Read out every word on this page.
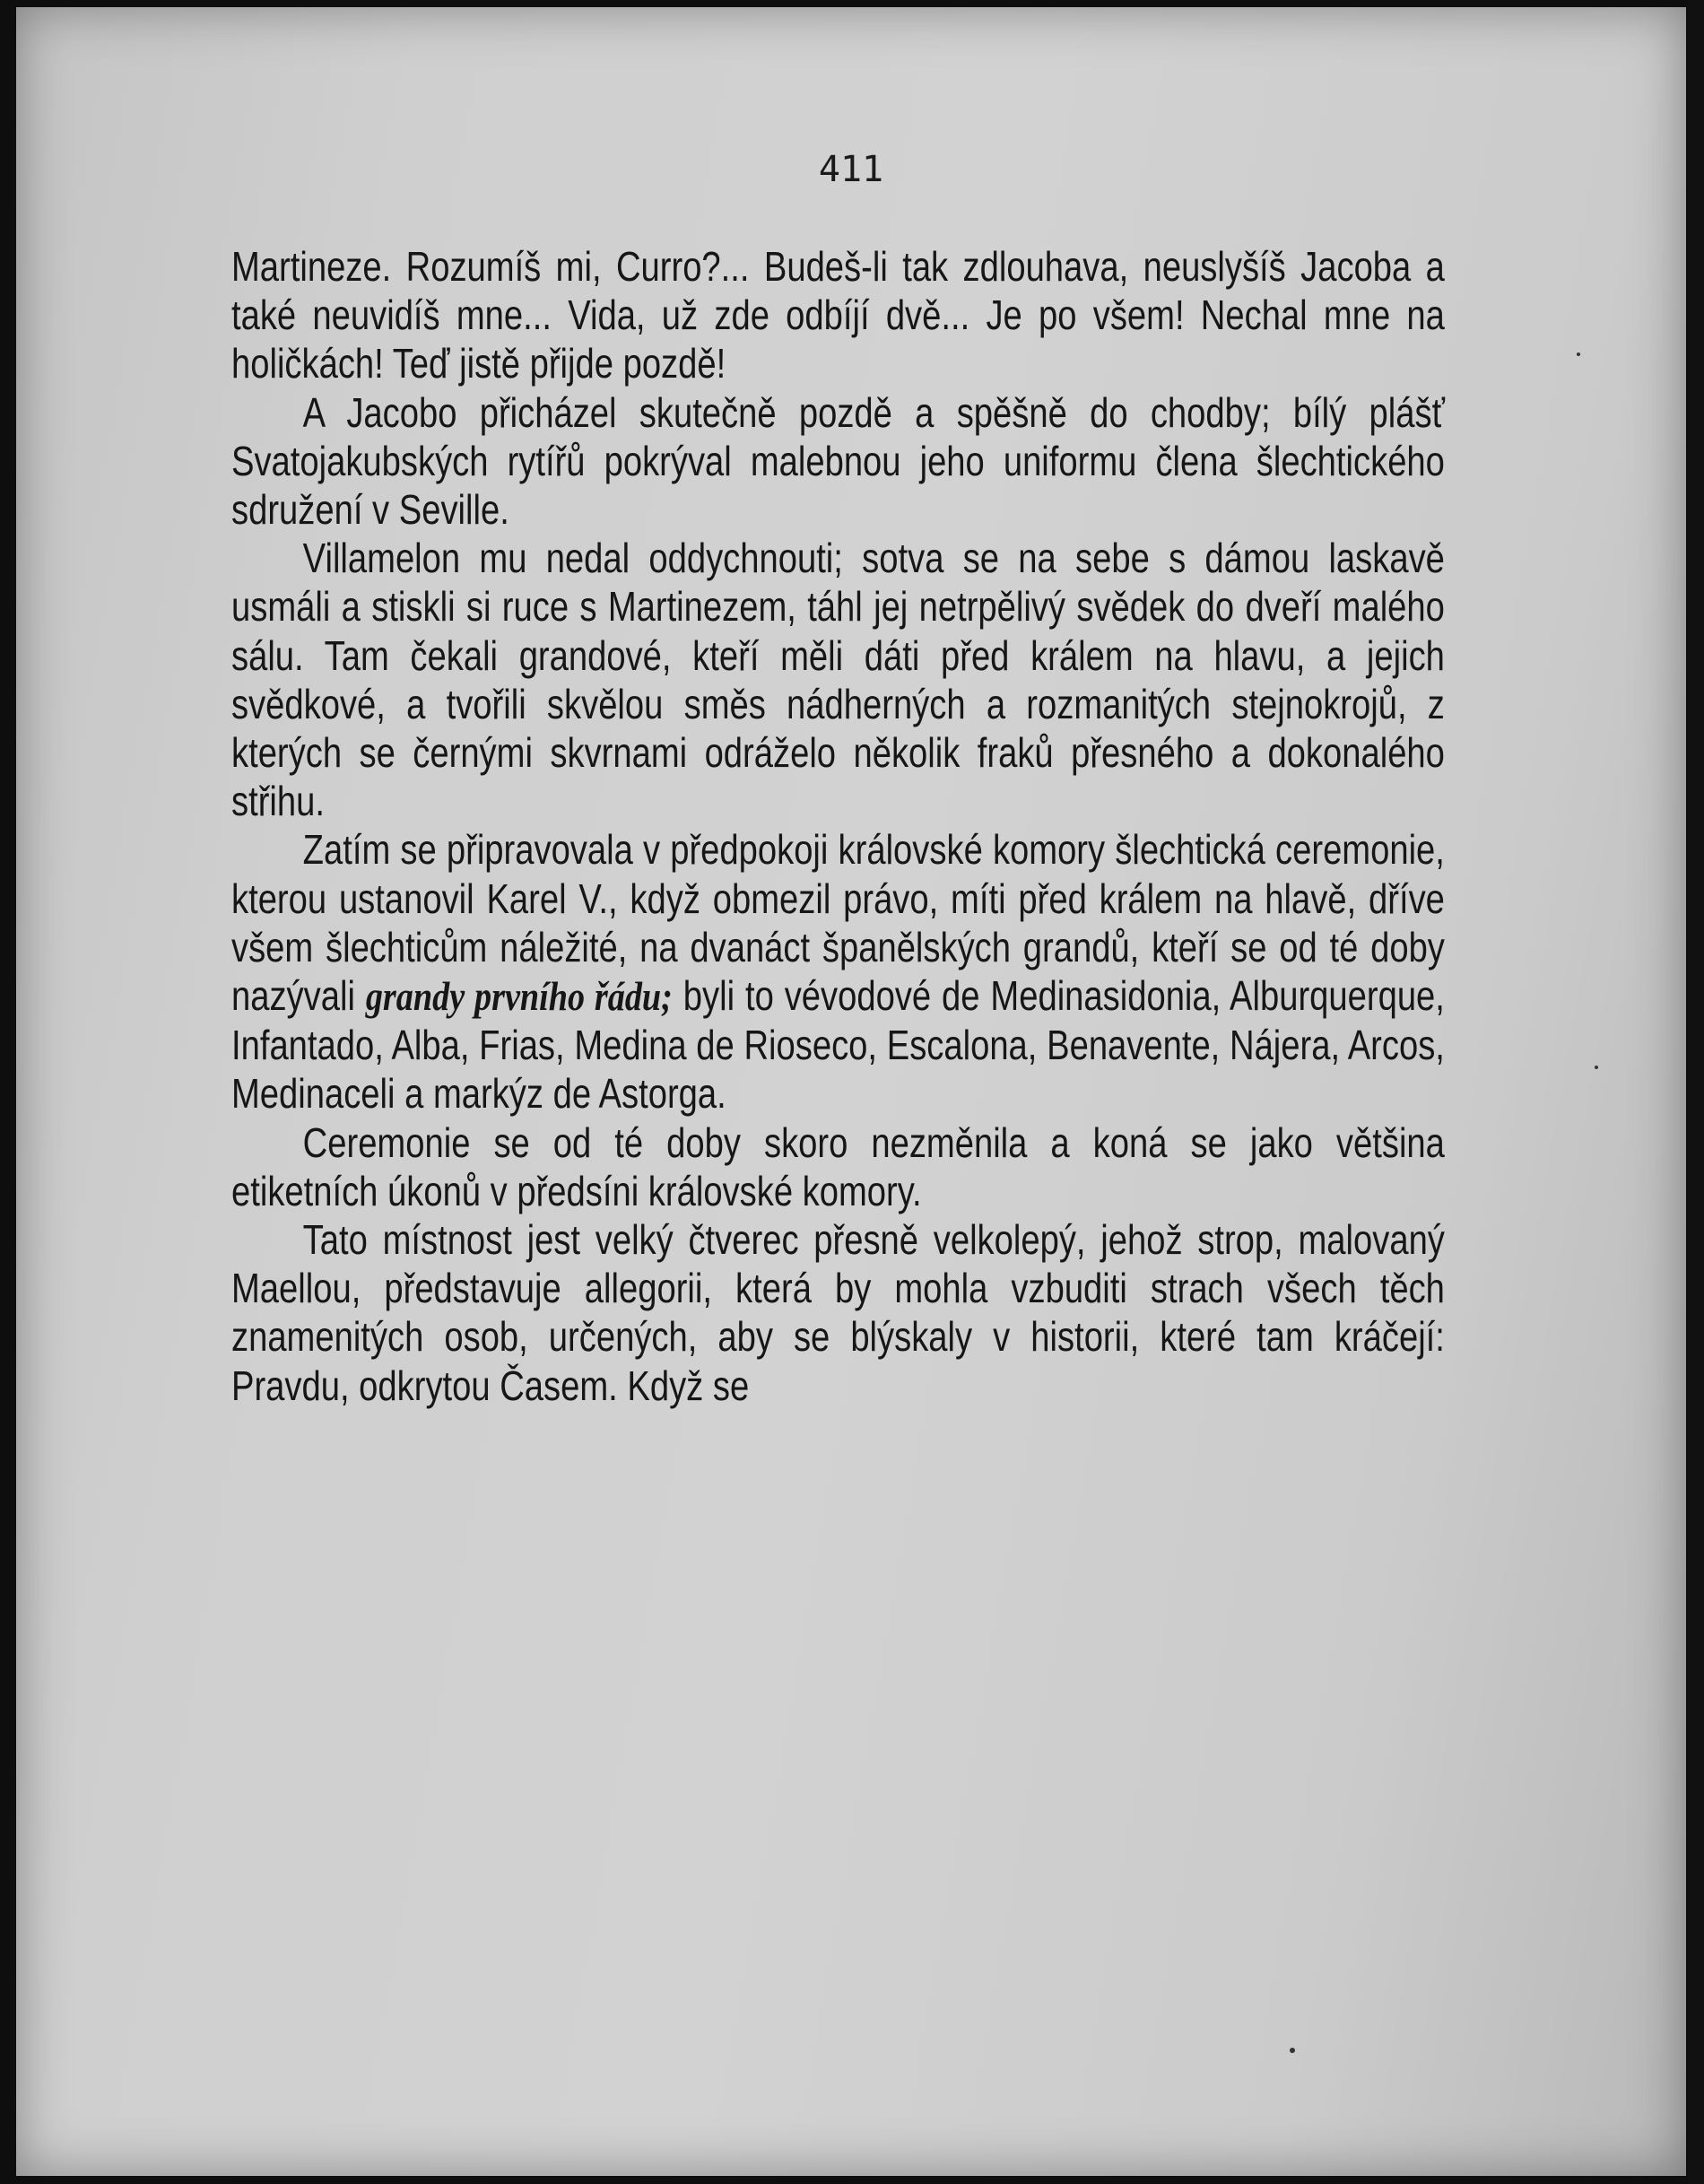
411

Martineze. Rozumíš mi, Curro?... Budeš-li tak zdlouhava, neuslyšíš Jacoba a také neuvidíš mne... Vida, už zde odbíjí dvě... Je po všem! Nechal mne na holičkách! Teď jistě přijde pozdě!

A Jacobo přicházel skutečně pozdě a spěšně do chodby; bílý plášť Svatojakubských rytířů pokrýval malebnou jeho uniformu člena šlechtického sdružení v Seville.

Villamelon mu nedal oddychnouti; sotva se na sebe s dámou laskavě usmáli a stiskli si ruce s Martinezem, táhl jej netrpělivý svědek do dveří malého sálu. Tam čekali grandové, kteří měli dáti před králem na hlavu, a jejich svědkové, a tvořili skvělou směs nádherných a rozmanitých stejnokrojů, z kterých se černými skvrnami odráželo několik fraků přesného a dokonalého střihu.

Zatím se připravovala v předpokoji královské komory šlechtická ceremonie, kterou ustanovil Karel V., když obmezil právo, míti před králem na hlavě, dříve všem šlechticům náležité, na dvanáct španělských grandů, kteří se od té doby nazývali grandy prvního řádu; byli to vévodové de Medinasidonia, Alburquerque, Infantado, Alba, Frias, Medina de Rioseco, Escalona, Benavente, Nájera, Arcos, Medinaceli a markýz de Astorga.

Ceremonie se od té doby skoro nezměnila a koná se jako většina etiketních úkonů v předsíni královské komory.

Tato místnost jest velký čtverec přesně velkolepý, jehož strop, malovaný Maellou, představuje allegorii, která by mohla vzbuditi strach všech těch znamenitých osob, určených, aby se blýskaly v historii, které tam kráčejí: Pravdu, odkrytou Časem. Když se
